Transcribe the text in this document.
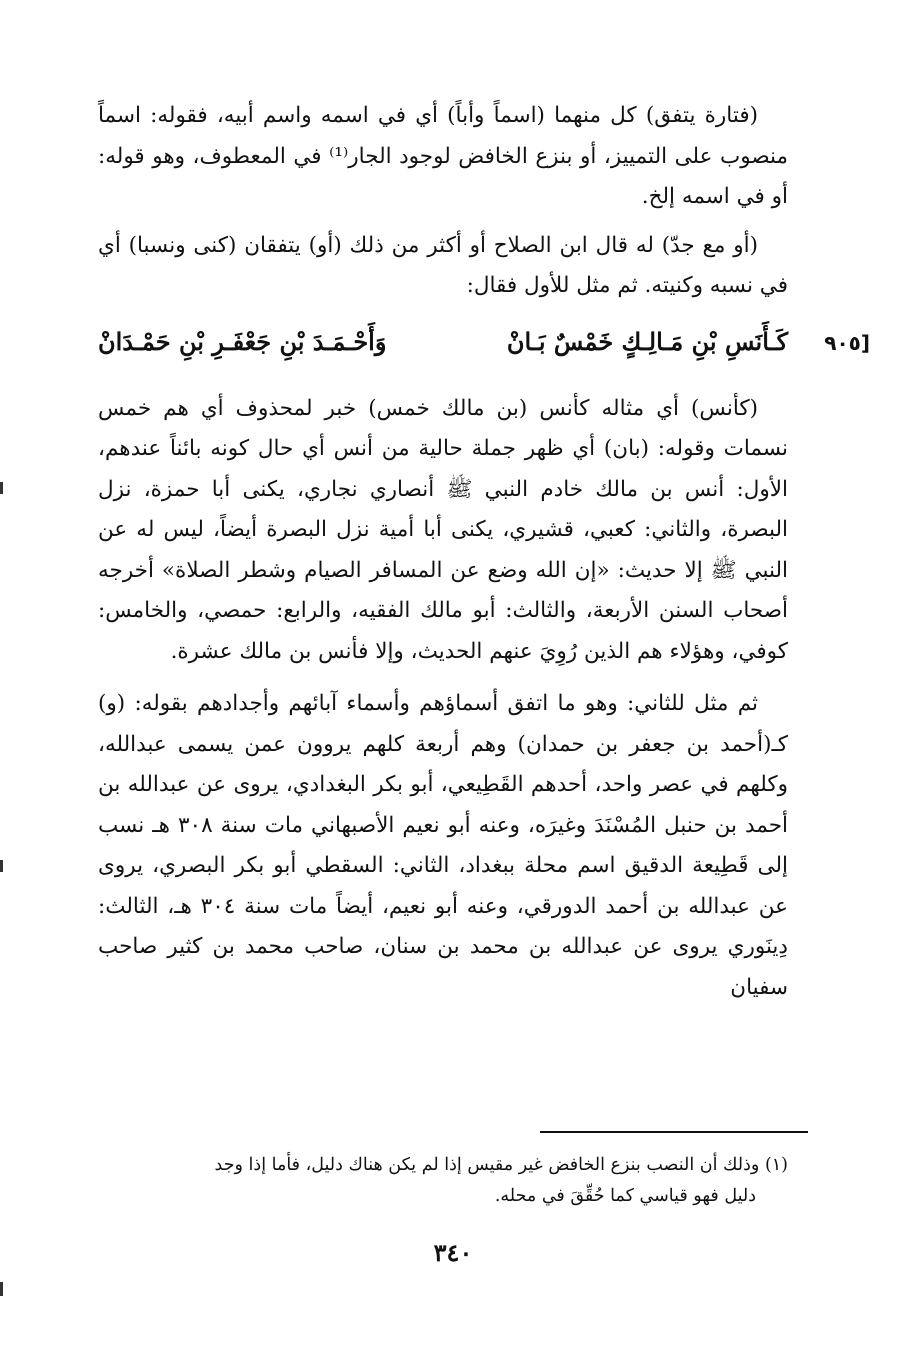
(فتارة يتفق) كل منهما (اسماً وأباً) أي في اسمه واسم أبيه، فقوله: اسماً منصوب على التمييز، أو بنزع الخافض لوجود الجار⁽¹⁾ في المعطوف، وهو قوله: أو في اسمه إلخ.

(أو مع جدّ) له قال ابن الصلاح أو أكثر من ذلك (أو) يتفقان (كنى ونسبا) أي في نسبه وكنيته. ثم مثل للأول فقال:

[٩٠٥
كَـأَنَسِ بْنِ مَـالِـكٍ خَمْسٌ بَـانْ
وَأَحْـمَـدَ بْنِ جَعْفَـرِ بْنِ حَمْـدَانْ

(كأنس) أي مثاله كأنس (بن مالك خمس) خبر لمحذوف أي هم خمس نسمات وقوله: (بان) أي ظهر جملة حالية من أنس أي حال كونه بائناً عندهم، الأول: أنس بن مالك خادم النبي ﷺ أنصاري نجاري، يكنى أبا حمزة، نزل البصرة، والثاني: كعبي، قشيري، يكنى أبا أمية نزل البصرة أيضاً، ليس له عن النبي ﷺ إلا حديث: «إن الله وضع عن المسافر الصيام وشطر الصلاة» أخرجه أصحاب السنن الأربعة، والثالث: أبو مالك الفقيه، والرابع: حمصي، والخامس: كوفي، وهؤلاء هم الذين رُوِيَ عنهم الحديث، وإلا فأنس بن مالك عشرة.

ثم مثل للثاني: وهو ما اتفق أسماؤهم وأسماء آبائهم وأجدادهم بقوله: (و) كـ(أحمد بن جعفر بن حمدان) وهم أربعة كلهم يروون عمن يسمى عبدالله، وكلهم في عصر واحد، أحدهم القَطِيعي، أبو بكر البغدادي، يروى عن عبدالله بن أحمد بن حنبل المُسْنَدَ وغيرَه، وعنه أبو نعيم الأصبهاني مات سنة ٣٠٨ هـ نسب إلى قَطِيعة الدقيق اسم محلة ببغداد، الثاني: السقطي أبو بكر البصري، يروى عن عبدالله بن أحمد الدورقي، وعنه أبو نعيم، أيضاً مات سنة ٣٠٤ هـ، الثالث: دِينَوري يروى عن عبدالله بن محمد بن سنان، صاحب محمد بن كثير صاحب سفيان

(١) وذلك أن النصب بنزع الخافض غير مقيس إذا لم يكن هناك دليل، فأما إذا وجد
دليل فهو قياسي كما حُقِّقَ في محله.
٣٤٠
